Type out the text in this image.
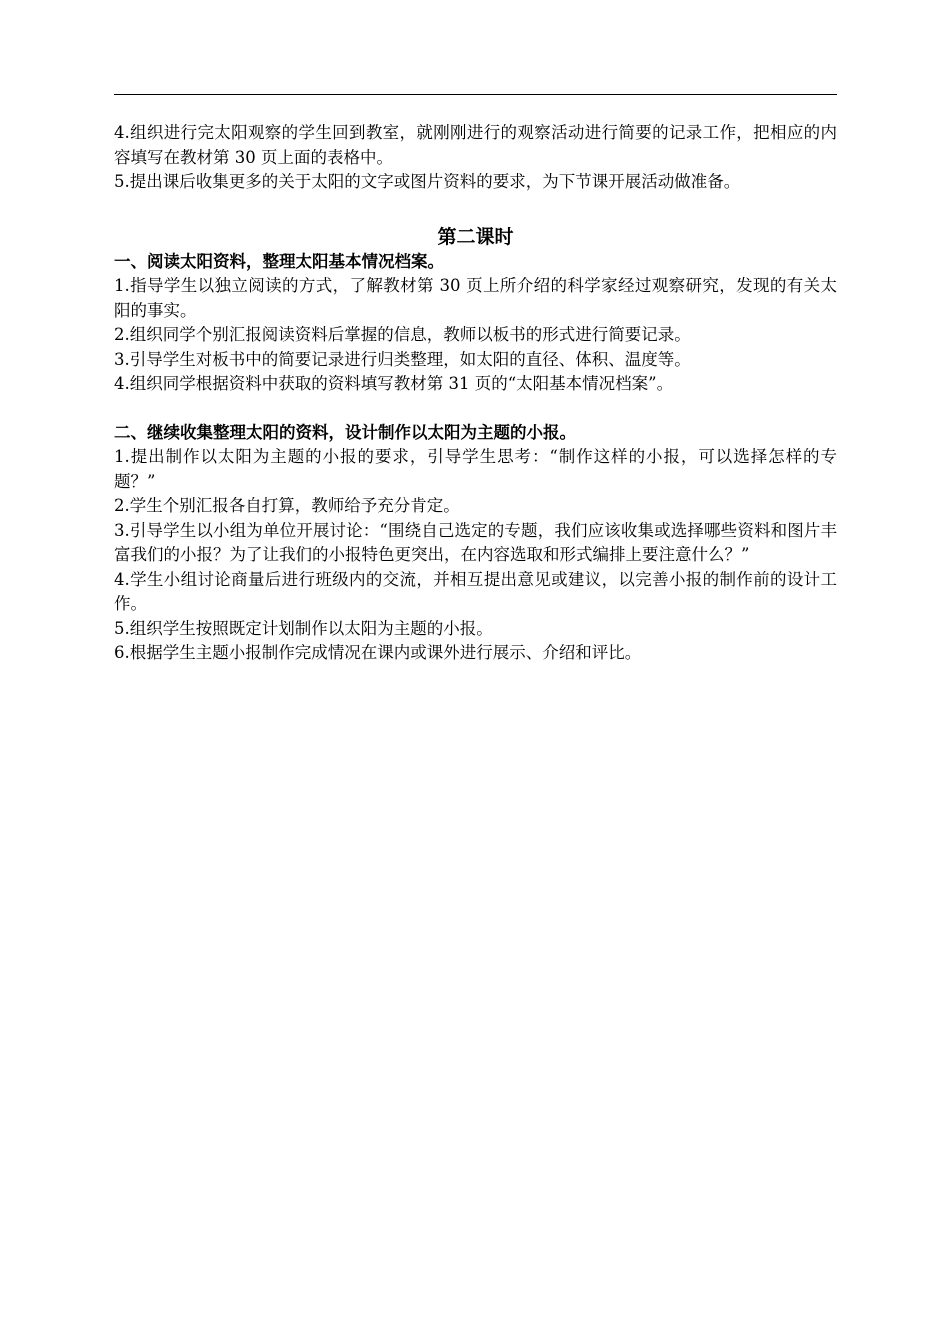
4.组织进行完太阳观察的学生回到教室，就刚刚进行的观察活动进行简要的记录工作，把相应的内容填写在教材第 30 页上面的表格中。

5.提出课后收集更多的关于太阳的文字或图片资料的要求，为下节课开展活动做准备。

第二课时

一、阅读太阳资料，整理太阳基本情况档案。

1.指导学生以独立阅读的方式，了解教材第 30 页上所介绍的科学家经过观察研究，发现的有关太阳的事实。

2.组织同学个别汇报阅读资料后掌握的信息，教师以板书的形式进行简要记录。

3.引导学生对板书中的简要记录进行归类整理，如太阳的直径、体积、温度等。

4.组织同学根据资料中获取的资料填写教材第 31 页的“太阳基本情况档案”。

二、继续收集整理太阳的资料，设计制作以太阳为主题的小报。

1.提出制作以太阳为主题的小报的要求，引导学生思考：“制作这样的小报，可以选择怎样的专题？”

2.学生个别汇报各自打算，教师给予充分肯定。

3.引导学生以小组为单位开展讨论：“围绕自己选定的专题，我们应该收集或选择哪些资料和图片丰富我们的小报？为了让我们的小报特色更突出，在内容选取和形式编排上要注意什么？”

4.学生小组讨论商量后进行班级内的交流，并相互提出意见或建议，以完善小报的制作前的设计工作。

5.组织学生按照既定计划制作以太阳为主题的小报。

6.根据学生主题小报制作完成情况在课内或课外进行展示、介绍和评比。
